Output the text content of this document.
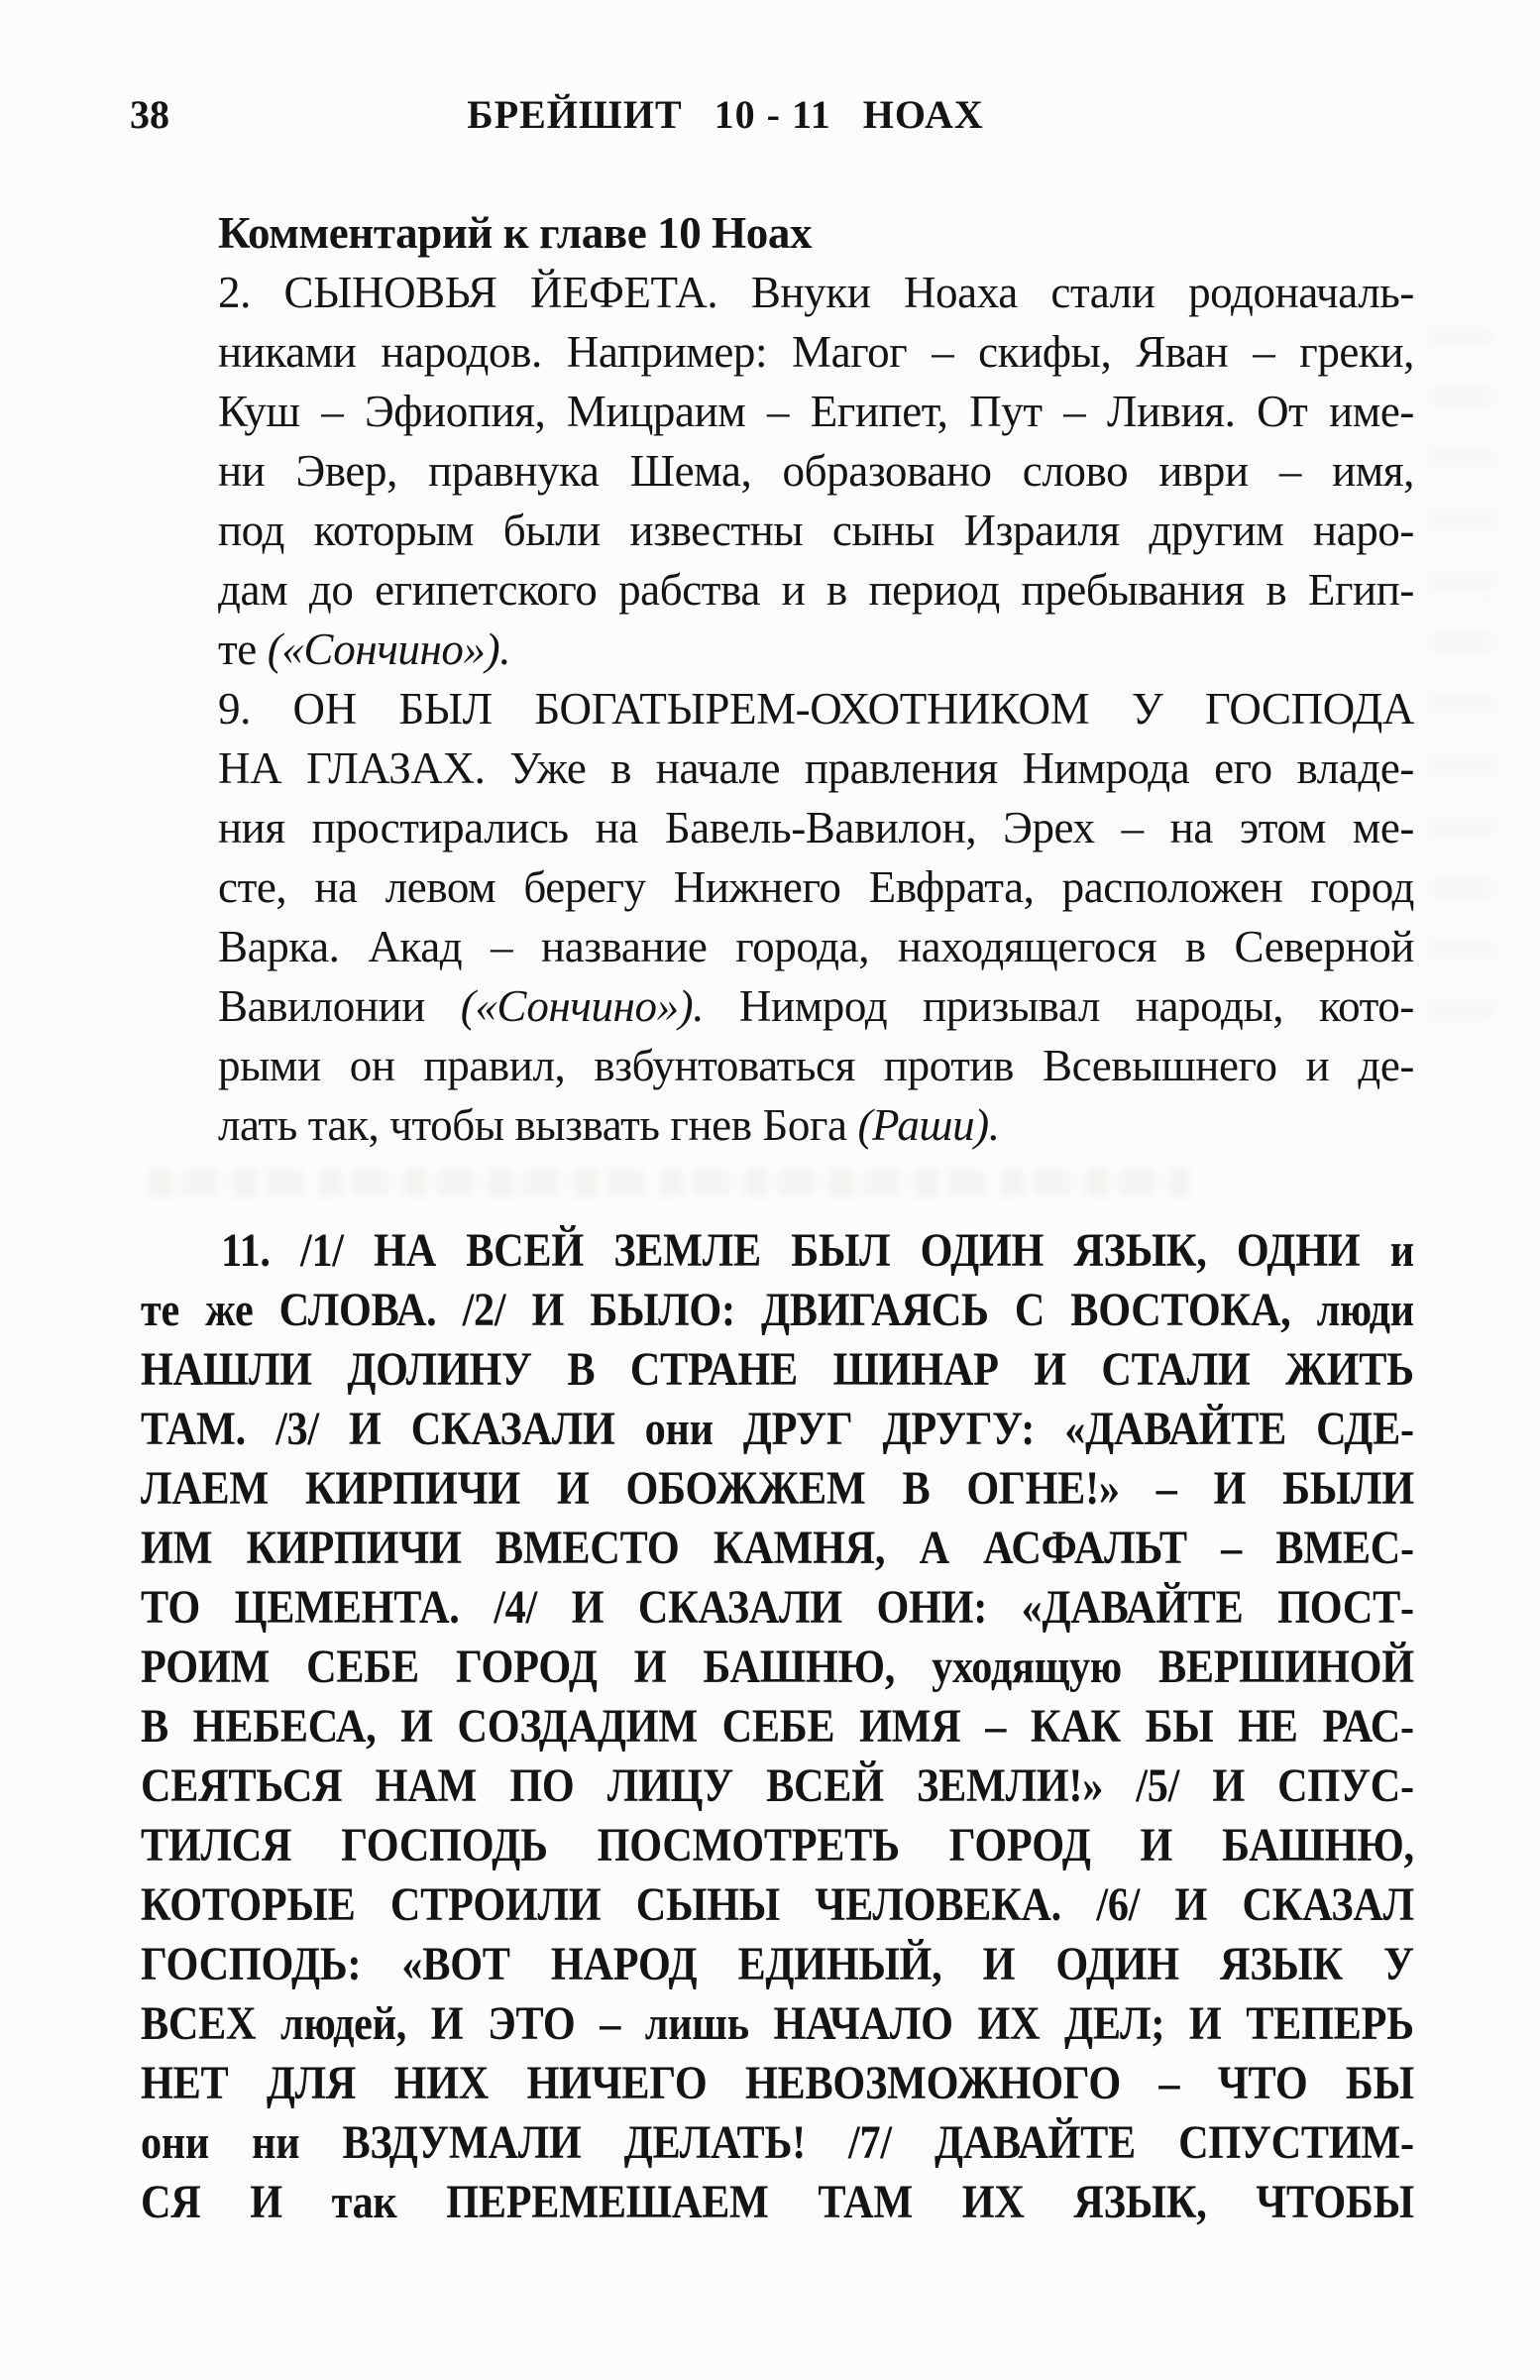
38	БРЕЙШИТ  10 - 11  НОАХ
Комментарий к главе 10 Ноах
2. СЫНОВЬЯ ЙЕФЕТА. Внуки Ноаха стали родоначаль-
никами народов. Например: Магог – скифы, Яван – греки,
Куш – Эфиопия, Мицраим – Египет, Пут – Ливия. От име-
ни Эвер, правнука Шема, образовано слово иври – имя,
под которым были известны сыны Израиля другим наро-
дам до египетского рабства и в период пребывания в Егип-
те («Сончино»).
9. ОН БЫЛ БОГАТЫРЕМ-ОХОТНИКОМ У ГОСПОДА
НА ГЛАЗАХ. Уже в начале правления Нимрода его владе-
ния простирались на Бавель-Вавилон, Эрех – на этом ме-
сте, на левом берегу Нижнего Евфрата, расположен город
Варка. Акад – название города, находящегося в Северной
Вавилонии («Сончино»). Нимрод призывал народы, кото-
рыми он правил, взбунтоваться против Всевышнего и де-
лать так, чтобы вызвать гнев Бога (Раши).
11. /1/ НА ВСЕЙ ЗЕМЛЕ БЫЛ ОДИН ЯЗЫК, ОДНИ и
те же СЛОВА. /2/ И БЫЛО: ДВИГАЯСЬ С ВОСТОКА, люди
НАШЛИ ДОЛИНУ В СТРАНЕ ШИНАР И СТАЛИ ЖИТЬ
ТАМ. /3/ И СКАЗАЛИ они ДРУГ ДРУГУ: «ДАВАЙТЕ СДЕ-
ЛАЕМ КИРПИЧИ И ОБОЖЖЕМ В ОГНЕ!» – И БЫЛИ
ИМ КИРПИЧИ ВМЕСТО КАМНЯ, А АСФАЛЬТ – ВМЕС-
ТО ЦЕМЕНТА. /4/ И СКАЗАЛИ ОНИ: «ДАВАЙТЕ ПОСТ-
РОИМ СЕБЕ ГОРОД И БАШНЮ, уходящую ВЕРШИНОЙ
В НЕБЕСА, И СОЗДАДИМ СЕБЕ ИМЯ – КАК БЫ НЕ РАС-
СЕЯТЬСЯ НАМ ПО ЛИЦУ ВСЕЙ ЗЕМЛИ!» /5/ И СПУС-
ТИЛСЯ ГОСПОДЬ ПОСМОТРЕТЬ ГОРОД И БАШНЮ,
КОТОРЫЕ СТРОИЛИ СЫНЫ ЧЕЛОВЕКА. /6/ И СКАЗАЛ
ГОСПОДЬ: «ВОТ НАРОД ЕДИНЫЙ, И ОДИН ЯЗЫК У
ВСЕХ людей, И ЭТО – лишь НАЧАЛО ИХ ДЕЛ; И ТЕПЕРЬ
НЕТ ДЛЯ НИХ НИЧЕГО НЕВОЗМОЖНОГО – ЧТО БЫ
они ни ВЗДУМАЛИ ДЕЛАТЬ! /7/ ДАВАЙТЕ СПУСТИМ-
СЯ И так ПЕРЕМЕШАЕМ ТАМ ИХ ЯЗЫК, ЧТОБЫ
